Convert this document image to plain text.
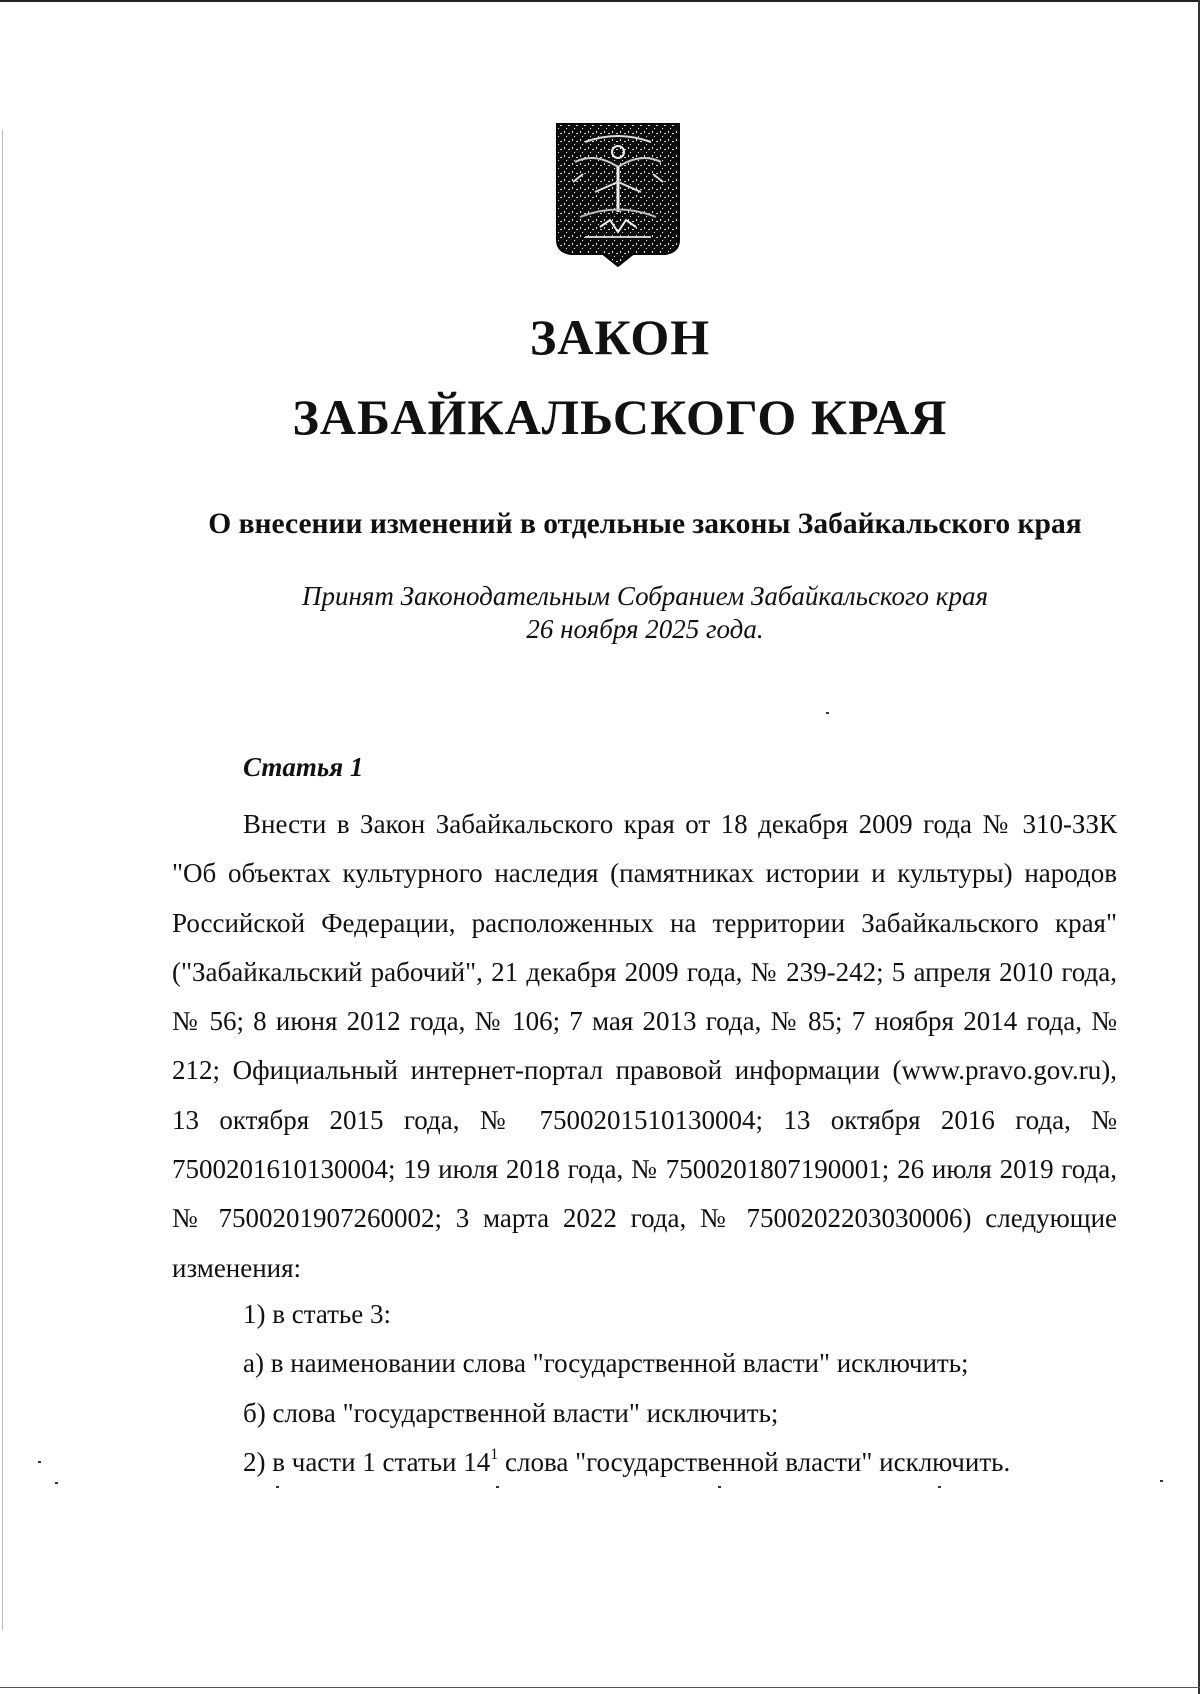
ЗАКОН
ЗАБАЙКАЛЬСКОГО КРАЯ
О внесении изменений в отдельные законы Забайкальского края
Принят Законодательным Собранием Забайкальского края
26 ноября 2025 года.
Статья 1

Внести в Закон Забайкальского края от 18 декабря 2009 года № 310-ЗЗК "Об объектах культурного наследия (памятниках истории и культуры) народов Российской Федерации, расположенных на территории Забайкальского края" ("Забайкальский рабочий", 21 декабря 2009 года, № 239-242; 5 апреля 2010 года, № 56; 8 июня 2012 года, № 106; 7 мая 2013 года, № 85; 7 ноября 2014 года, № 212; Официальный интернет-портал правовой информации (www.pravo.gov.ru), 13 октября 2015 года, № 7500201510130004; 13 октября 2016 года, № 7500201610130004; 19 июля 2018 года, № 7500201807190001; 26 июля 2019 года, № 7500201907260002; 3 марта 2022 года, № 7500202203030006) следующие изменения:

1) в статье 3:
а) в наименовании слова "государственной власти" исключить;
б) слова "государственной власти" исключить;
2) в части 1 статьи $14^1$ слова "государственной власти" исключить.
